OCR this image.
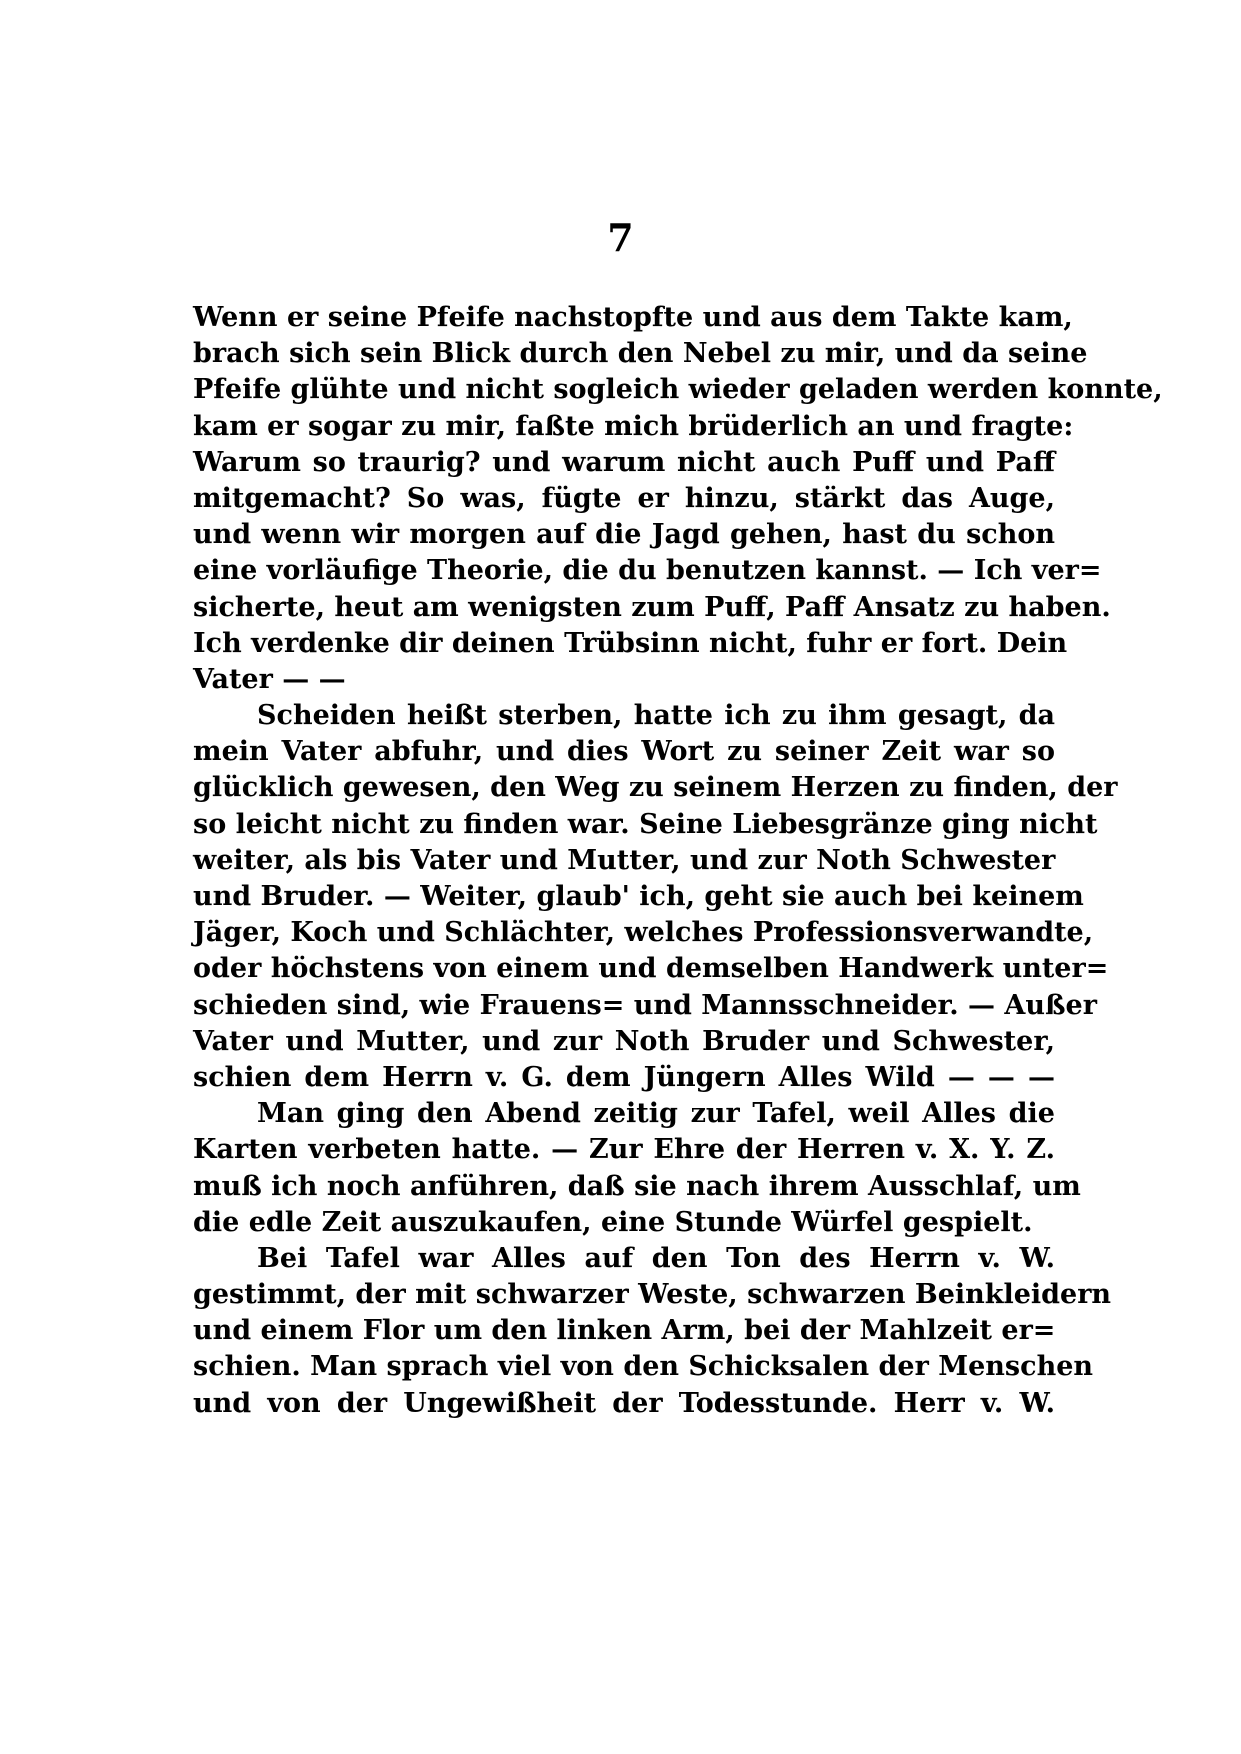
7
Wenn er seine Pfeife nachstopfte und aus dem Takte kam,
brach sich sein Blick durch den Nebel zu mir, und da seine
Pfeife glühte und nicht sogleich wieder geladen werden konnte,
kam er sogar zu mir, faßte mich brüderlich an und fragte:
Warum so traurig? und warum nicht auch Puff und Paff
mitgemacht? So was, fügte er hinzu, stärkt das Auge,
und wenn wir morgen auf die Jagd gehen, hast du schon
eine vorläufige Theorie, die du benutzen kannst. — Ich ver=
sicherte, heut am wenigsten zum Puff, Paff Ansatz zu haben.
Ich verdenke dir deinen Trübsinn nicht, fuhr er fort. Dein
Vater — —
Scheiden heißt sterben, hatte ich zu ihm gesagt, da
mein Vater abfuhr, und dies Wort zu seiner Zeit war so
glücklich gewesen, den Weg zu seinem Herzen zu finden, der
so leicht nicht zu finden war. Seine Liebesgränze ging nicht
weiter, als bis Vater und Mutter, und zur Noth Schwester
und Bruder. — Weiter, glaub' ich, geht sie auch bei keinem
Jäger, Koch und Schlächter, welches Professionsverwandte,
oder höchstens von einem und demselben Handwerk unter=
schieden sind, wie Frauens= und Mannsschneider. — Außer
Vater und Mutter, und zur Noth Bruder und Schwester,
schien dem Herrn v. G. dem Jüngern Alles Wild — — —
Man ging den Abend zeitig zur Tafel, weil Alles die
Karten verbeten hatte. — Zur Ehre der Herren v. X. Y. Z.
muß ich noch anführen, daß sie nach ihrem Ausschlaf, um
die edle Zeit auszukaufen, eine Stunde Würfel gespielt.
Bei Tafel war Alles auf den Ton des Herrn v. W.
gestimmt, der mit schwarzer Weste, schwarzen Beinkleidern
und einem Flor um den linken Arm, bei der Mahlzeit er=
schien. Man sprach viel von den Schicksalen der Menschen
und von der Ungewißheit der Todesstunde. Herr v. W.
